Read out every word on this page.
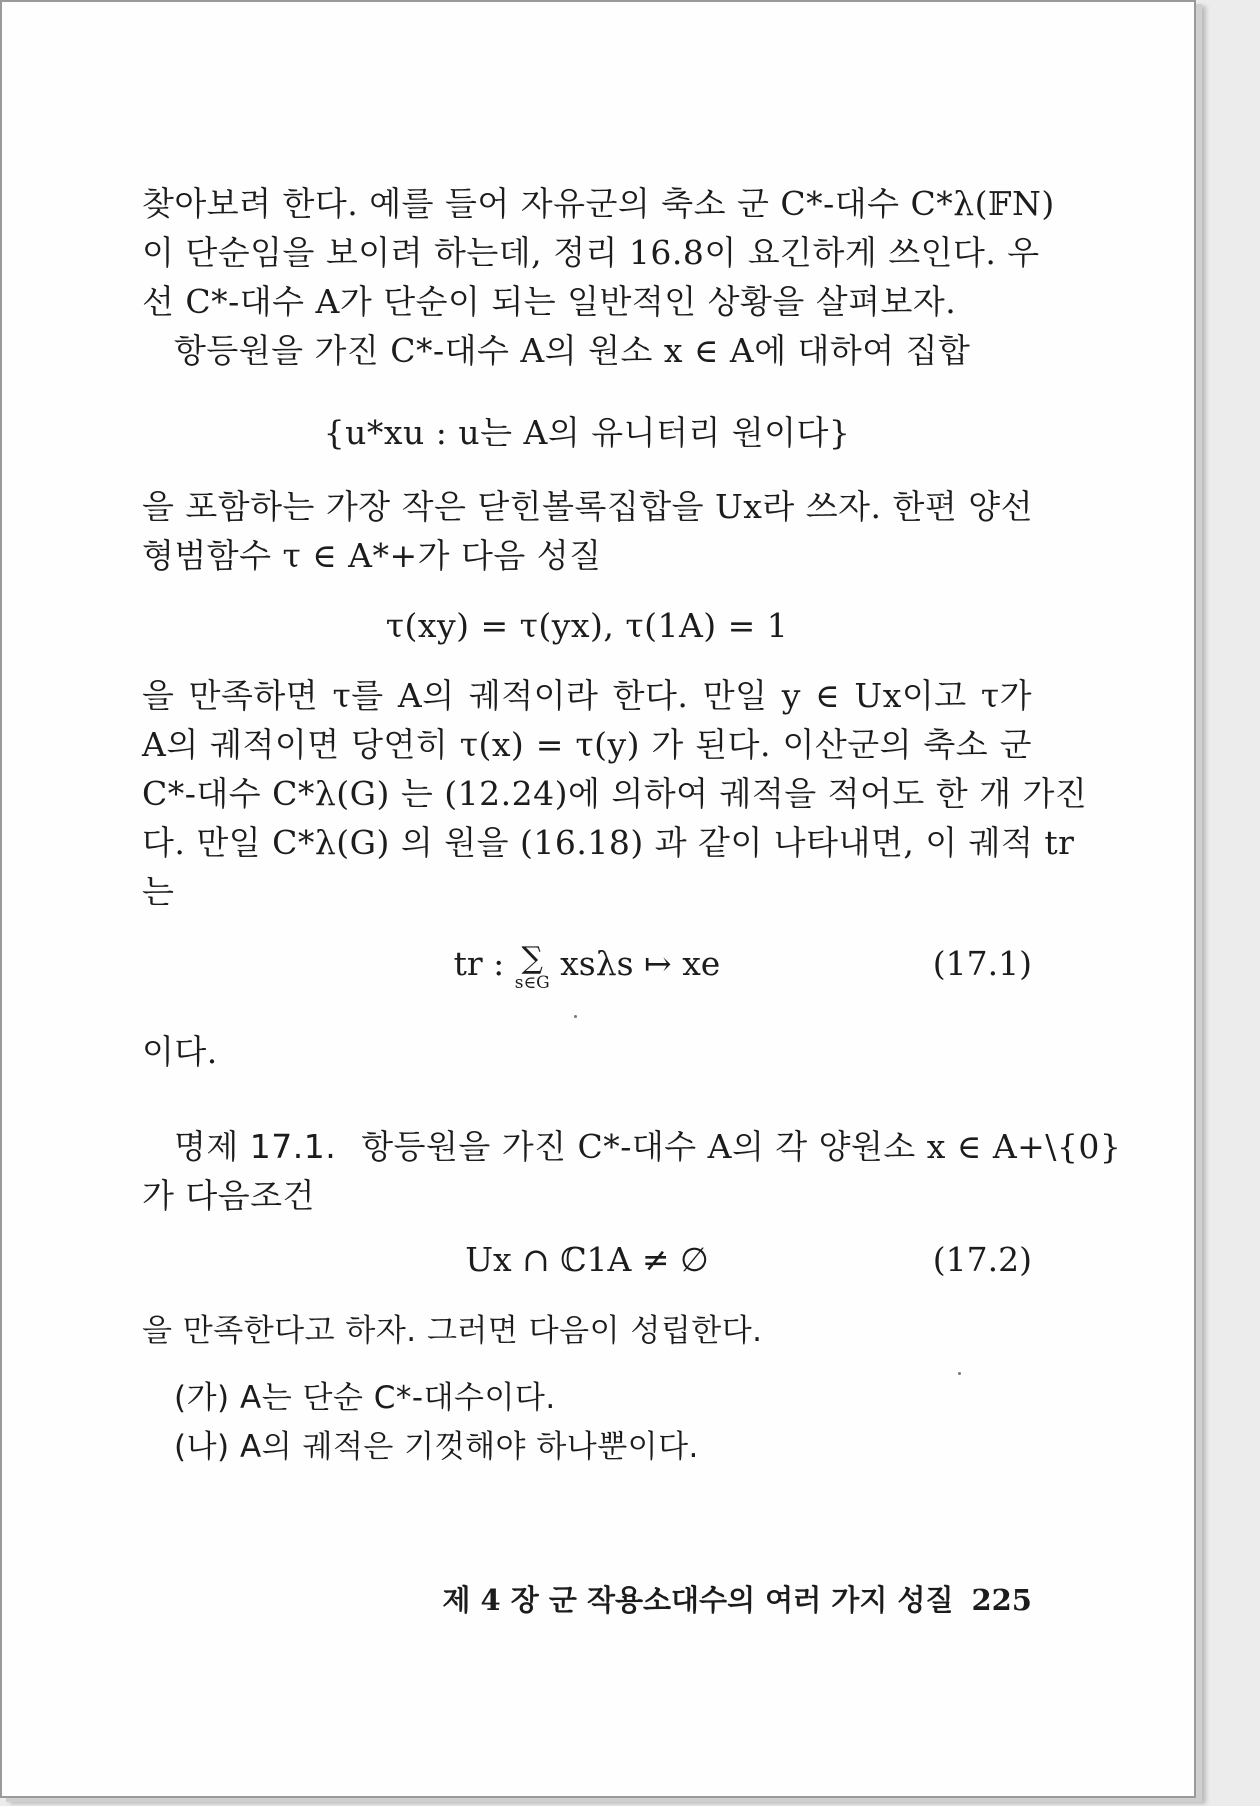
찾아보려 한다. 예를 들어 자유군의 축소 군 C*-대수 C*λ(𝔽N)
이 단순임을 보이려 하는데, 정리 16.8이 요긴하게 쓰인다. 우
선 C*-대수 A가 단순이 되는 일반적인 상황을 살펴보자.
항등원을 가진 C*-대수 A의 원소 x ∈ A에 대하여 집합
{u*xu : u는 A의 유니터리 원이다}
을 포함하는 가장 작은 닫힌볼록집합을 Ux라 쓰자. 한편 양선
형범함수 τ ∈ A*+가 다음 성질
τ(xy) = τ(yx), τ(1A) = 1
을 만족하면 τ를 A의 궤적이라 한다. 만일 y ∈ Ux이고 τ가
A의 궤적이면 당연히 τ(x) = τ(y) 가 된다. 이산군의 축소 군
C*-대수 C*λ(G) 는 (12.24)에 의하여 궤적을 적어도 한 개 가진
다. 만일 C*λ(G) 의 원을 (16.18) 과 같이 나타내면, 이 궤적 tr
는
tr : ∑
s∈G xsλs ↦ xe	(17.1)
이다.
명제 17.1. 항등원을 가진 C*-대수 A의 각 양원소 x ∈ A+\{0}
가 다음조건
Ux ∩ ℂ1A ≠ ∅	(17.2)
을 만족한다고 하자. 그러면 다음이 성립한다.
(가) A는 단순 C*-대수이다.
(나) A의 궤적은 기껏해야 하나뿐이다.
제 4 장 군 작용소대수의 여러 가지 성질 225
